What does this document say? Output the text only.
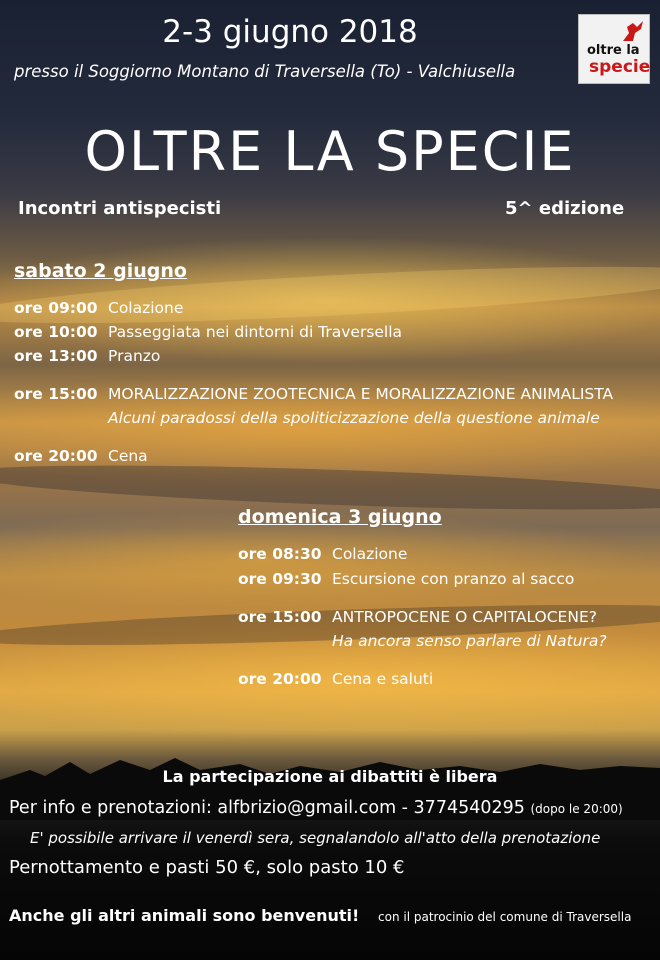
2-3 giugno 2018
presso il Soggiorno Montano di Traversella (To) - Valchiusella
oltre la
specie
OLTRE LA SPECIE
Incontri antispecisti	5^ edizione
sabato 2 giugno
ore 09:00 Colazione
ore 10:00 Passeggiata nei dintorni di Traversella
ore 13:00 Pranzo
ore 15:00 MORALIZZAZIONE ZOOTECNICA E MORALIZZAZIONE ANIMALISTA
Alcuni paradossi della spoliticizzazione della questione animale
ore 20:00 Cena
domenica 3 giugno
ore 08:30 Colazione
ore 09:30 Escursione con pranzo al sacco
ore 15:00 ANTROPOCENE O CAPITALOCENE?
Ha ancora senso parlare di Natura?
ore 20:00 Cena e saluti
La partecipazione ai dibattiti è libera
Per info e prenotazioni: alfbrizio@gmail.com - 3774540295 (dopo le 20:00)
E' possibile arrivare il venerdì sera, segnalandolo all'atto della prenotazione
Pernottamento e pasti 50 €, solo pasto 10 €
Anche gli altri animali sono benvenuti! con il patrocinio del comune di Traversella
